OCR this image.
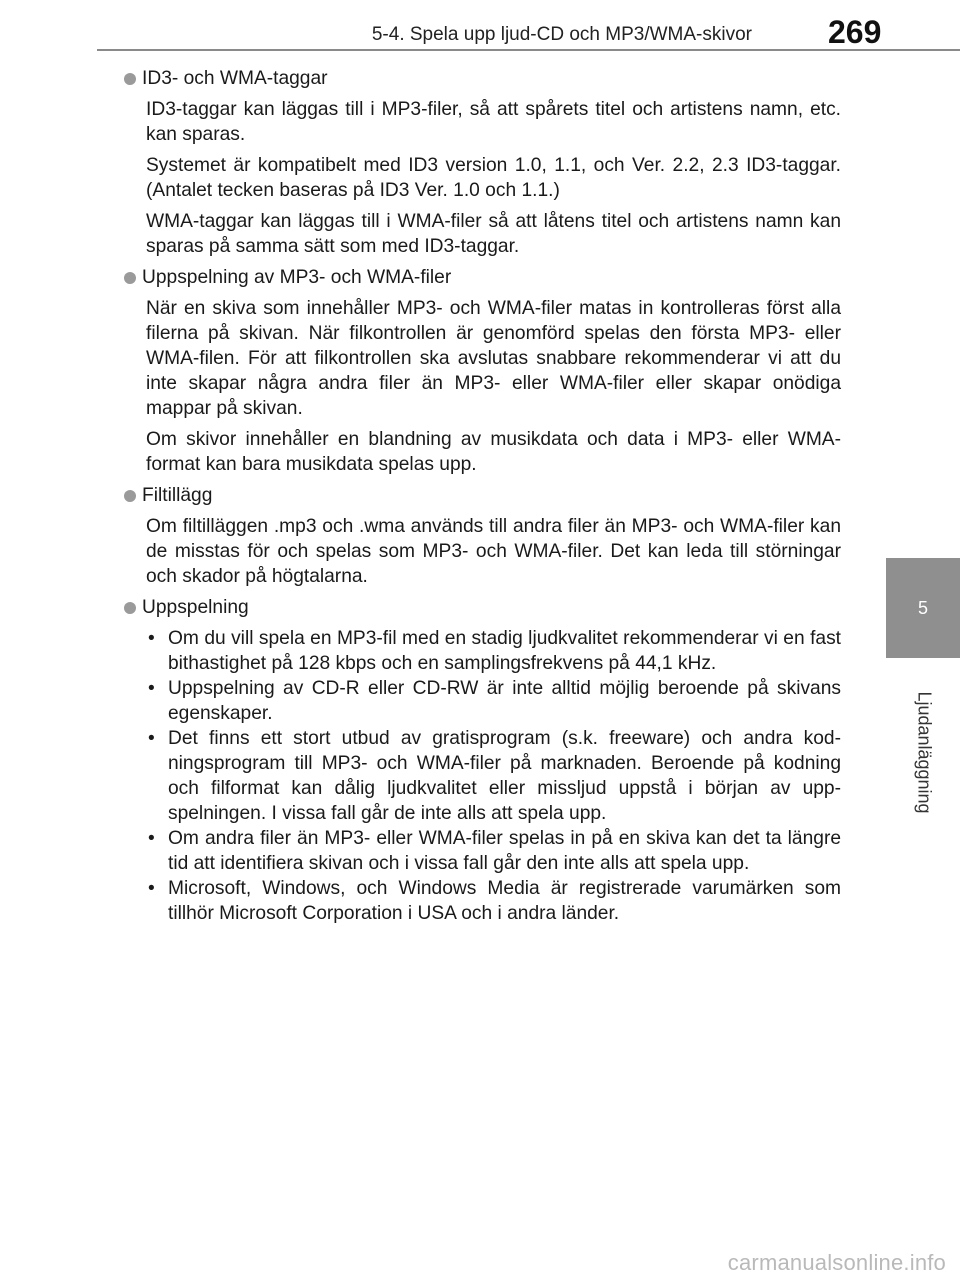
5-4. Spela upp ljud-CD och MP3/WMA-skivor 269
5
Ljudanläggning
ID3- och WMA-taggar

ID3-taggar kan läggas till i MP3-filer, så att spårets titel och artistens namn, etc. kan sparas.

Systemet är kompatibelt med ID3 version 1.0, 1.1, och Ver. 2.2, 2.3 ID3-taggar. (Antalet tecken baseras på ID3 Ver. 1.0 och 1.1.)

WMA-taggar kan läggas till i WMA-filer så att låtens titel och artistens namn kan sparas på samma sätt som med ID3-taggar.

Uppspelning av MP3- och WMA-filer

När en skiva som innehåller MP3- och WMA-filer matas in kontrolleras först alla filerna på skivan. När filkontrollen är genomförd spelas den första MP3- eller WMA-filen. För att filkontrollen ska avslutas snabbare rekommenderar vi att du inte skapar några andra filer än MP3- eller WMA-filer eller skapar onödiga mappar på skivan.

Om skivor innehåller en blandning av musikdata och data i MP3- eller WMA-format kan bara musikdata spelas upp.

Filtillägg

Om filtilläggen .mp3 och .wma används till andra filer än MP3- och WMA-filer kan de misstas för och spelas som MP3- och WMA-filer. Det kan leda till störningar och skador på högtalarna.

Uppspelning
• Om du vill spela en MP3-fil med en stadig ljudkvalitet rekommenderar vi en fast bithastighet på 128 kbps och en samplingsfrekvens på 44,1 kHz.
• Uppspelning av CD-R eller CD-RW är inte alltid möjlig beroende på skivans egenskaper.
• Det finns ett stort utbud av gratisprogram (s.k. freeware) och andra kod-ningsprogram till MP3- och WMA-filer på marknaden. Beroende på kodning och filformat kan dålig ljudkvalitet eller missljud uppstå i början av upp-spelningen. I vissa fall går de inte alls att spela upp.
• Om andra filer än MP3- eller WMA-filer spelas in på en skiva kan det ta längre tid att identifiera skivan och i vissa fall går den inte alls att spela upp.
• Microsoft, Windows, och Windows Media är registrerade varumärken som tillhör Microsoft Corporation i USA och i andra länder.
carmanualsonline.info
